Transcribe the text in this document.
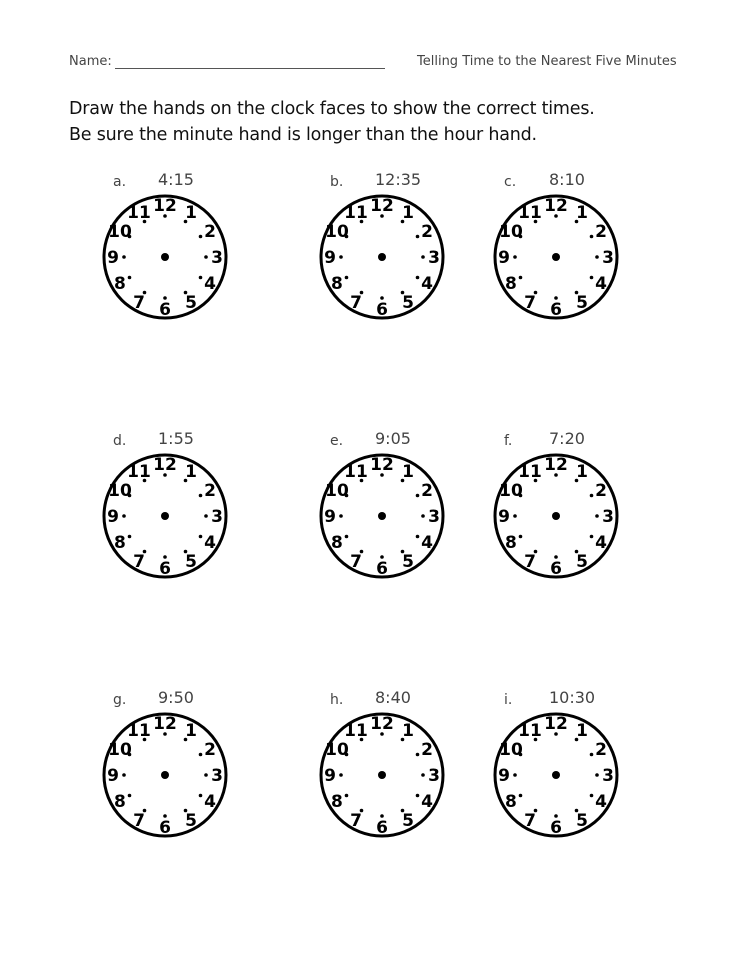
Name:	Telling Time to the Nearest Five Minutes
Draw the hands on the clock faces to show the correct times.
Be sure the minute hand is longer than the hour hand.
a. 4:15
12 1
2
3
4
5
6
7
8
9
10
11
b. 12:35
12 1
2
3
4
5
6
7
8
9
10
11
c. 8:10
12 1
2
3
4
5
6
7
8
9
10
11
d. 1:55
12 1
2
3
4
5
6
7
8
9
10
11
e. 9:05
12 1
2
3
4
5
6
7
8
9
10
11
f. 7:20
12 1
2
3
4
5
6
7
8
9
10
11
g. 9:50
12 1
2
3
4
5
6
7
8
9
10
11
h. 8:40
12 1
2
3
4
5
6
7
8
9
10
11
i. 10:30
12 1
2
3
4
5
6
7
8
9
10
11
